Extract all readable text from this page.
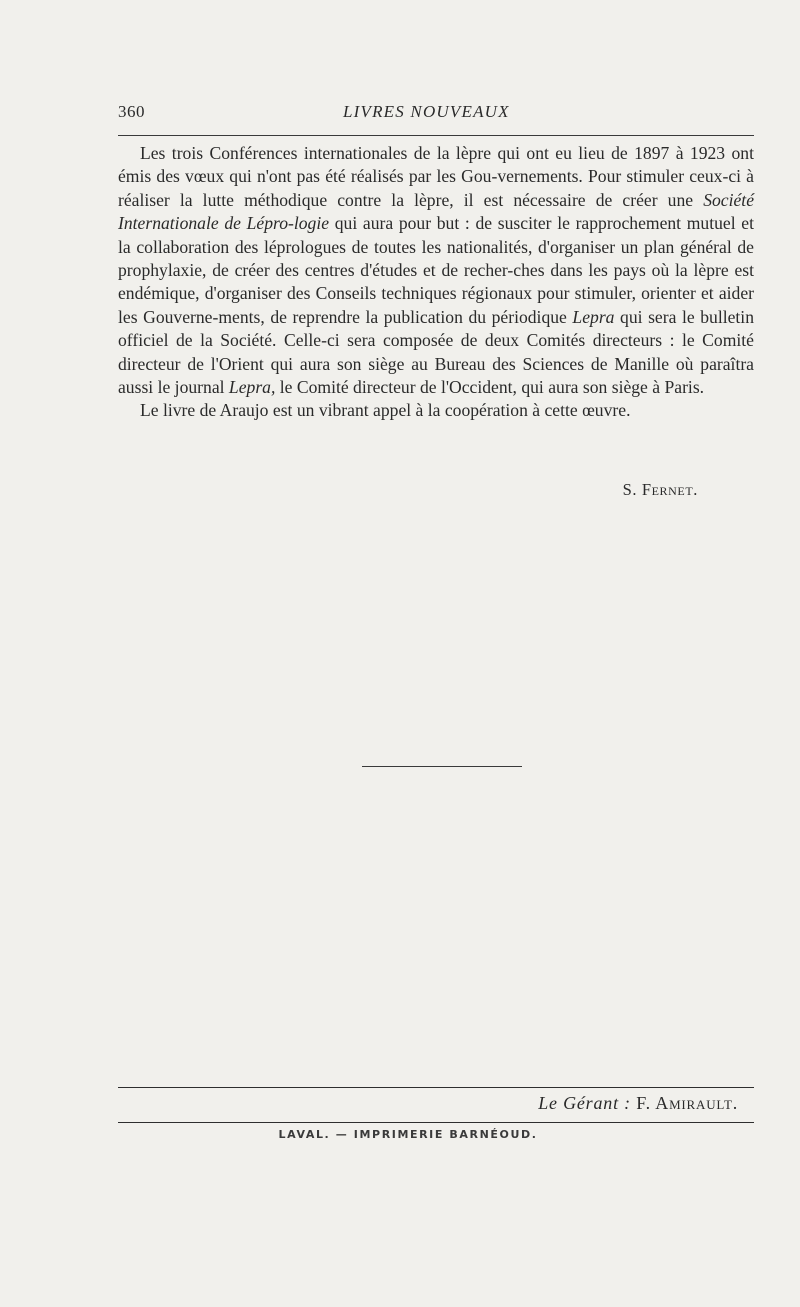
360	LIVRES NOUVEAUX

Les trois Conférences internationales de la lèpre qui ont eu lieu de 1897 à 1923 ont émis des vœux qui n'ont pas été réalisés par les Gou-vernements. Pour stimuler ceux-ci à réaliser la lutte méthodique contre la lèpre, il est nécessaire de créer une Société Internationale de Lépro-logie qui aura pour but : de susciter le rapprochement mutuel et la collaboration des léprologues de toutes les nationalités, d'organiser un plan général de prophylaxie, de créer des centres d'études et de recher-ches dans les pays où la lèpre est endémique, d'organiser des Conseils techniques régionaux pour stimuler, orienter et aider les Gouverne-ments, de reprendre la publication du périodique Lepra qui sera le bulletin officiel de la Société. Celle-ci sera composée de deux Comités directeurs : le Comité directeur de l'Orient qui aura son siège au Bureau des Sciences de Manille où paraîtra aussi le journal Lepra, le Comité directeur de l'Occident, qui aura son siège à Paris.

Le livre de Araujo est un vibrant appel à la coopération à cette œuvre.

S. Fernet.
Le Gérant : F. Amirault.
LAVAL. — IMPRIMERIE BARNÉOUD.
